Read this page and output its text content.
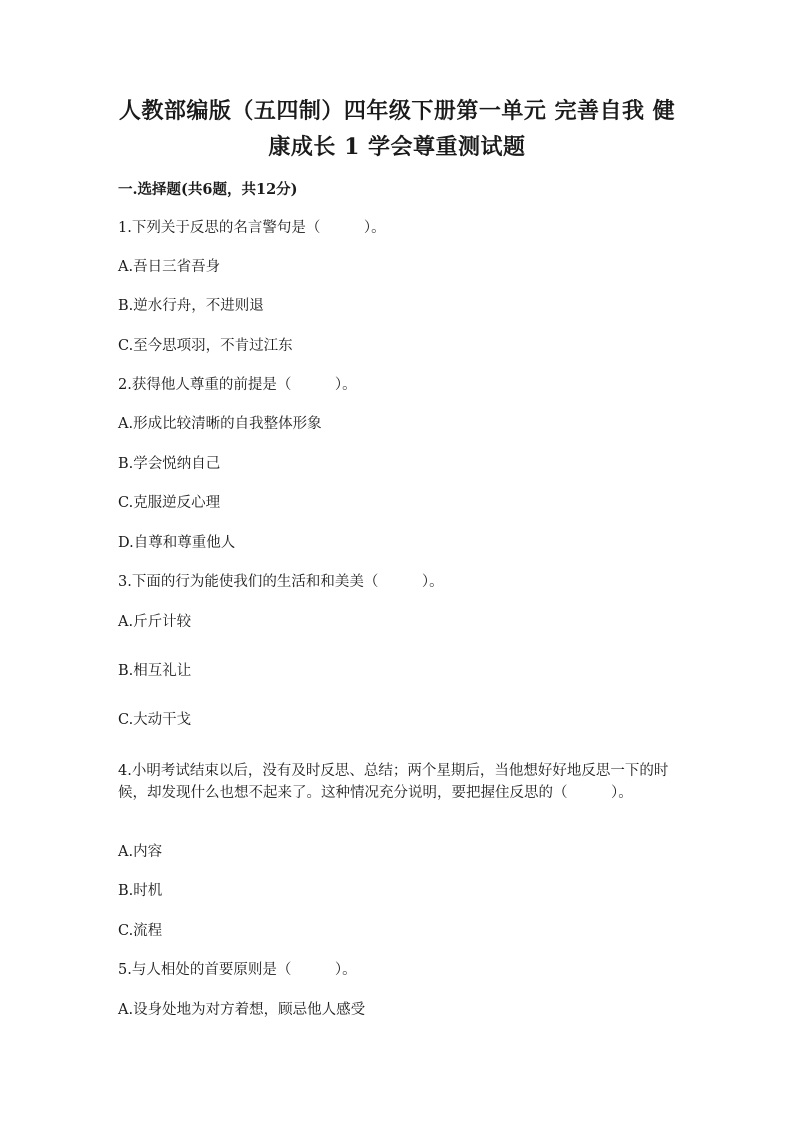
人教部编版（五四制）四年级下册第一单元 完善自我 健康成长 1 学会尊重测试题
一.选择题(共6题，共12分)
1.下列关于反思的名言警句是（　　　）。
A.吾日三省吾身
B.逆水行舟，不进则退
C.至今思项羽，不肯过江东
2.获得他人尊重的前提是（　　　）。
A.形成比较清晰的自我整体形象
B.学会悦纳自己
C.克服逆反心理
D.自尊和尊重他人
3.下面的行为能使我们的生活和和美美（　　　）。
A.斤斤计较
B.相互礼让
C.大动干戈
4.小明考试结束以后，没有及时反思、总结；两个星期后，当他想好好地反思一下的时候，却发现什么也想不起来了。这种情况充分说明，要把握住反思的（　　　）。
A.内容
B.时机
C.流程
5.与人相处的首要原则是（　　　）。
A.设身处地为对方着想，顾忌他人感受
